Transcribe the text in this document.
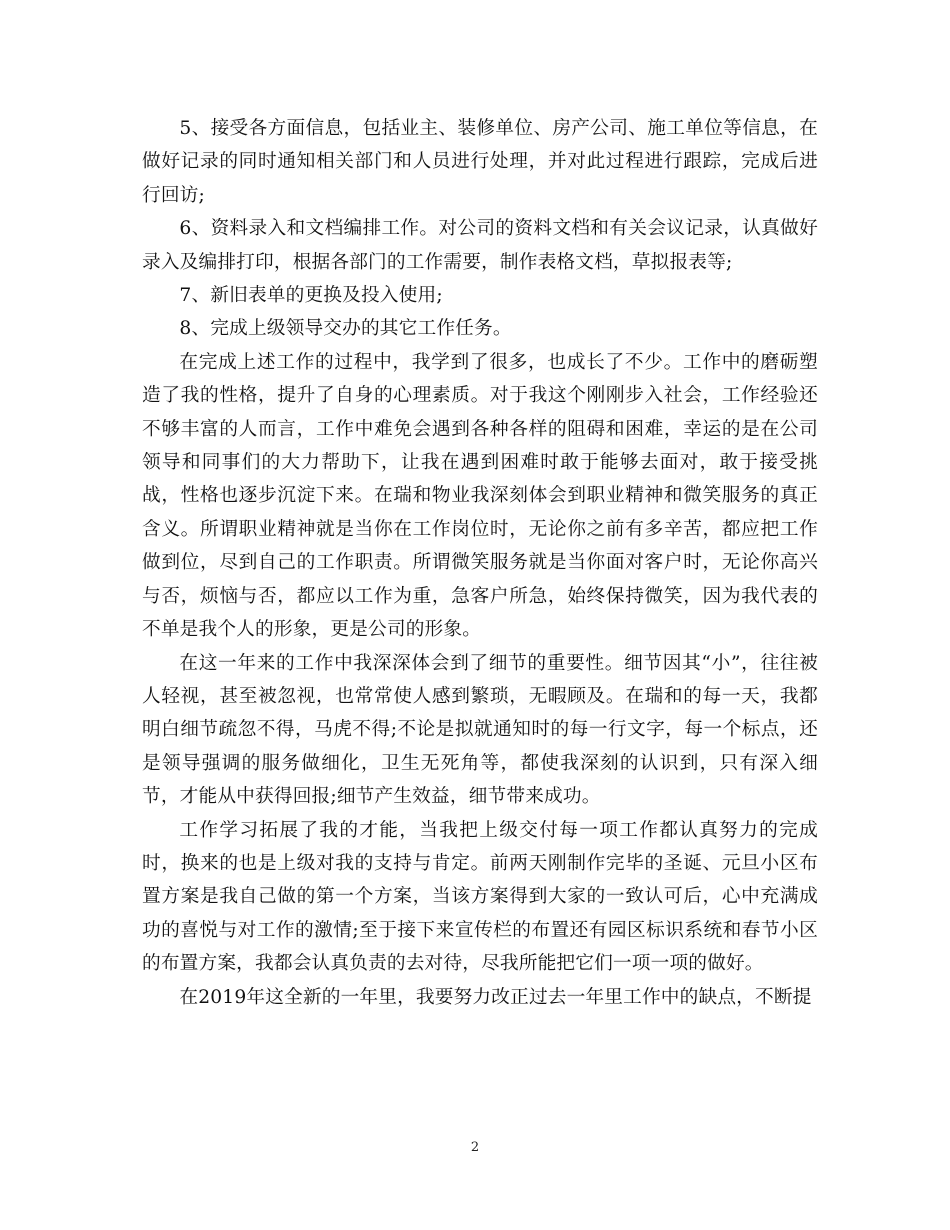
5、接受各方面信息，包括业主、装修单位、房产公司、施工单位等信息，在做好记录的同时通知相关部门和人员进行处理，并对此过程进行跟踪，完成后进行回访;

6、资料录入和文档编排工作。对公司的资料文档和有关会议记录，认真做好录入及编排打印，根据各部门的工作需要，制作表格文档，草拟报表等;

7、新旧表单的更换及投入使用;

8、完成上级领导交办的其它工作任务。

在完成上述工作的过程中，我学到了很多，也成长了不少。工作中的磨砺塑造了我的性格，提升了自身的心理素质。对于我这个刚刚步入社会，工作经验还不够丰富的人而言，工作中难免会遇到各种各样的阻碍和困难，幸运的是在公司领导和同事们的大力帮助下，让我在遇到困难时敢于能够去面对，敢于接受挑战，性格也逐步沉淀下来。在瑞和物业我深刻体会到职业精神和微笑服务的真正含义。所谓职业精神就是当你在工作岗位时，无论你之前有多辛苦，都应把工作做到位，尽到自己的工作职责。所谓微笑服务就是当你面对客户时，无论你高兴与否，烦恼与否，都应以工作为重，急客户所急，始终保持微笑，因为我代表的不单是我个人的形象，更是公司的形象。

在这一年来的工作中我深深体会到了细节的重要性。细节因其“小”，往往被人轻视，甚至被忽视，也常常使人感到繁琐，无暇顾及。在瑞和的每一天，我都明白细节疏忽不得，马虎不得;不论是拟就通知时的每一行文字，每一个标点，还是领导强调的服务做细化，卫生无死角等，都使我深刻的认识到，只有深入细节，才能从中获得回报;细节产生效益，细节带来成功。

工作学习拓展了我的才能，当我把上级交付每一项工作都认真努力的完成时，换来的也是上级对我的支持与肯定。前两天刚制作完毕的圣诞、元旦小区布置方案是我自己做的第一个方案，当该方案得到大家的一致认可后，心中充满成功的喜悦与对工作的激情;至于接下来宣传栏的布置还有园区标识系统和春节小区的布置方案，我都会认真负责的去对待，尽我所能把它们一项一项的做好。

在2019年这全新的一年里，我要努力改正过去一年里工作中的缺点，不断提

2
